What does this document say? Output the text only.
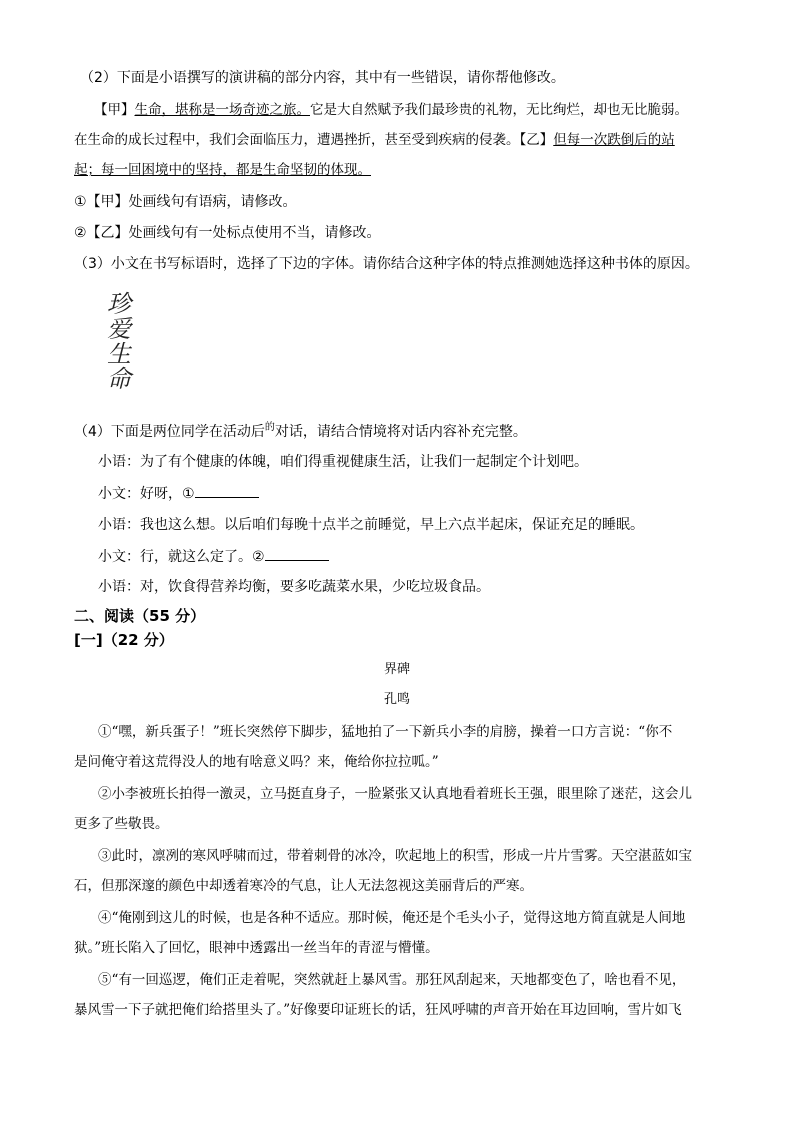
（2）下面是小语撰写的演讲稿的部分内容，其中有一些错误，请你帮他修改。
【甲】生命，堪称是一场奇迹之旅。它是大自然赋予我们最珍贵的礼物，无比绚烂，却也无比脆弱。
在生命的成长过程中，我们会面临压力，遭遇挫折，甚至受到疾病的侵袭。【乙】但每一次跌倒后的站
起；每一回困境中的坚持，都是生命坚韧的体现。
①【甲】处画线句有语病，请修改。
②【乙】处画线句有一处标点使用不当，请修改。
（3）小文在书写标语时，选择了下边的字体。请你结合这种字体的特点推测她选择这种书体的原因。
珍
爱
生
命
（4）下面是两位同学在活动后$^的$对话，请结合情境将对话内容补充完整。
小语：为了有个健康的体魄，咱们得重视健康生活，让我们一起制定个计划吧。
小文：好呀，①
小语：我也这么想。以后咱们每晚十点半之前睡觉，早上六点半起床，保证充足的睡眠。
小文：行，就这么定了。②
小语：对，饮食得营养均衡，要多吃蔬菜水果，少吃垃圾食品。
二、阅读（55 分）
[一]（22 分）
界碑
孔鸣
①“嘿，新兵蛋子！”班长突然停下脚步，猛地拍了一下新兵小李的肩膀，操着一口方言说：“你不
是问俺守着这荒得没人的地有啥意义吗？来，俺给你拉拉呱。”
②小李被班长拍得一激灵，立马挺直身子，一脸紧张又认真地看着班长王强，眼里除了迷茫，这会儿
更多了些敬畏。
③此时，凛冽的寒风呼啸而过，带着刺骨的冰冷，吹起地上的积雪，形成一片片雪雾。天空湛蓝如宝
石，但那深邃的颜色中却透着寒冷的气息，让人无法忽视这美丽背后的严寒。
④“俺刚到这儿的时候，也是各种不适应。那时候，俺还是个毛头小子，觉得这地方简直就是人间地
狱。”班长陷入了回忆，眼神中透露出一丝当年的青涩与懵懂。
⑤“有一回巡逻，俺们正走着呢，突然就赶上暴风雪。那狂风刮起来，天地都变色了，啥也看不见，
暴风雪一下子就把俺们给搭里头了。”好像要印证班长的话，狂风呼啸的声音开始在耳边回响，雪片如飞
